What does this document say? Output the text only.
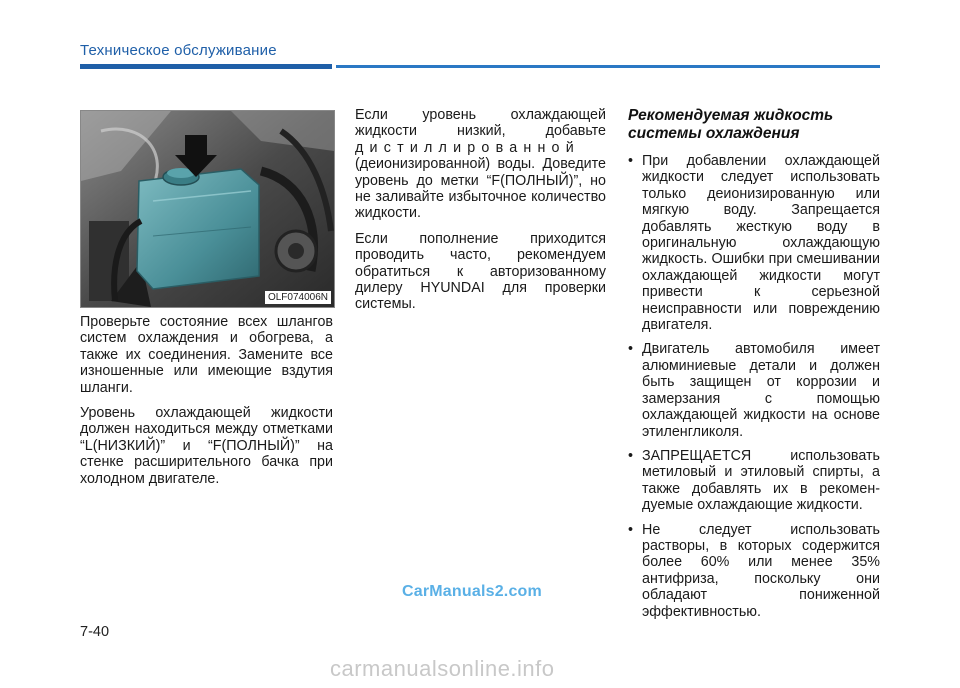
Техническое обслуживание
OLF074006N

Проверьте состояние всех шлангов систем охлаждения и обогрева, а также их соединения. Замените все изношенные или имеющие вздутия шланги.

Уровень охлаждающей жидкости должен находиться между отметками “L(НИЗКИЙ)” и “F(ПОЛНЫЙ)” на стенке расширительного бачка при холодном двигателе.

Если уровень охлаждающей жидкости низкий, добавьте дистиллированной (деионизированной) воды. Доведите уровень до метки “F(ПОЛНЫЙ)”, но не заливайте избыточное количество жидкости.

Если пополнение приходится проводить часто, рекомендуем обратиться к авторизованному дилеру HYUNDAI для проверки системы.

Рекомендуемая жидкость системы охлаждения
• При добавлении охлаждающей жидкости следует использовать только деионизированную или мягкую воду. Запрещается добавлять жесткую воду в оригинальную охлаждающую жидкость. Ошибки при смешивании охлаждающей жидкости могут привести к серьезной неисправности или повреждению двигателя.
• Двигатель автомобиля имеет алюминиевые детали и должен быть защищен от коррозии и замерзания с помощью охлаждающей жидкости на основе этиленгликоля.
• ЗАПРЕЩАЕТСЯ использовать метиловый и этиловый спирты, а также добавлять их в рекомен-дуемые охлаждающие жидкости.
• Не следует использовать растворы, в которых содержится более 60% или менее 35% антифриза, поскольку они обладают пониженной эффективностью.
CarManuals2.com
7-40
carmanualsonline.info
